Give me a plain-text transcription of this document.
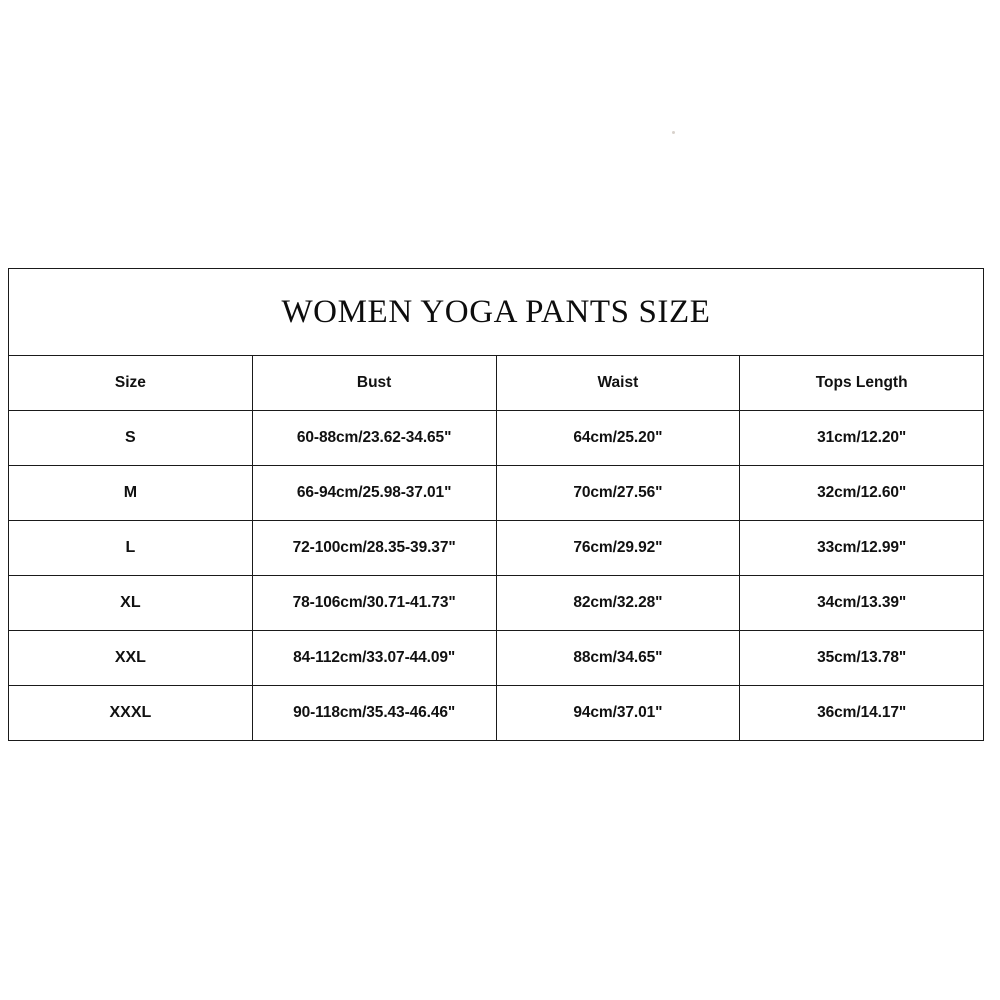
WOMEN YOGA PANTS SIZE			
Size	Bust	Waist	Tops Length
S	60-88cm/23.62-34.65"	64cm/25.20"	31cm/12.20"
M	66-94cm/25.98-37.01"	70cm/27.56"	32cm/12.60"
L	72-100cm/28.35-39.37"	76cm/29.92"	33cm/12.99"
XL	78-106cm/30.71-41.73"	82cm/32.28"	34cm/13.39"
XXL	84-112cm/33.07-44.09"	88cm/34.65"	35cm/13.78"
XXXL	90-118cm/35.43-46.46"	94cm/37.01"	36cm/14.17"
